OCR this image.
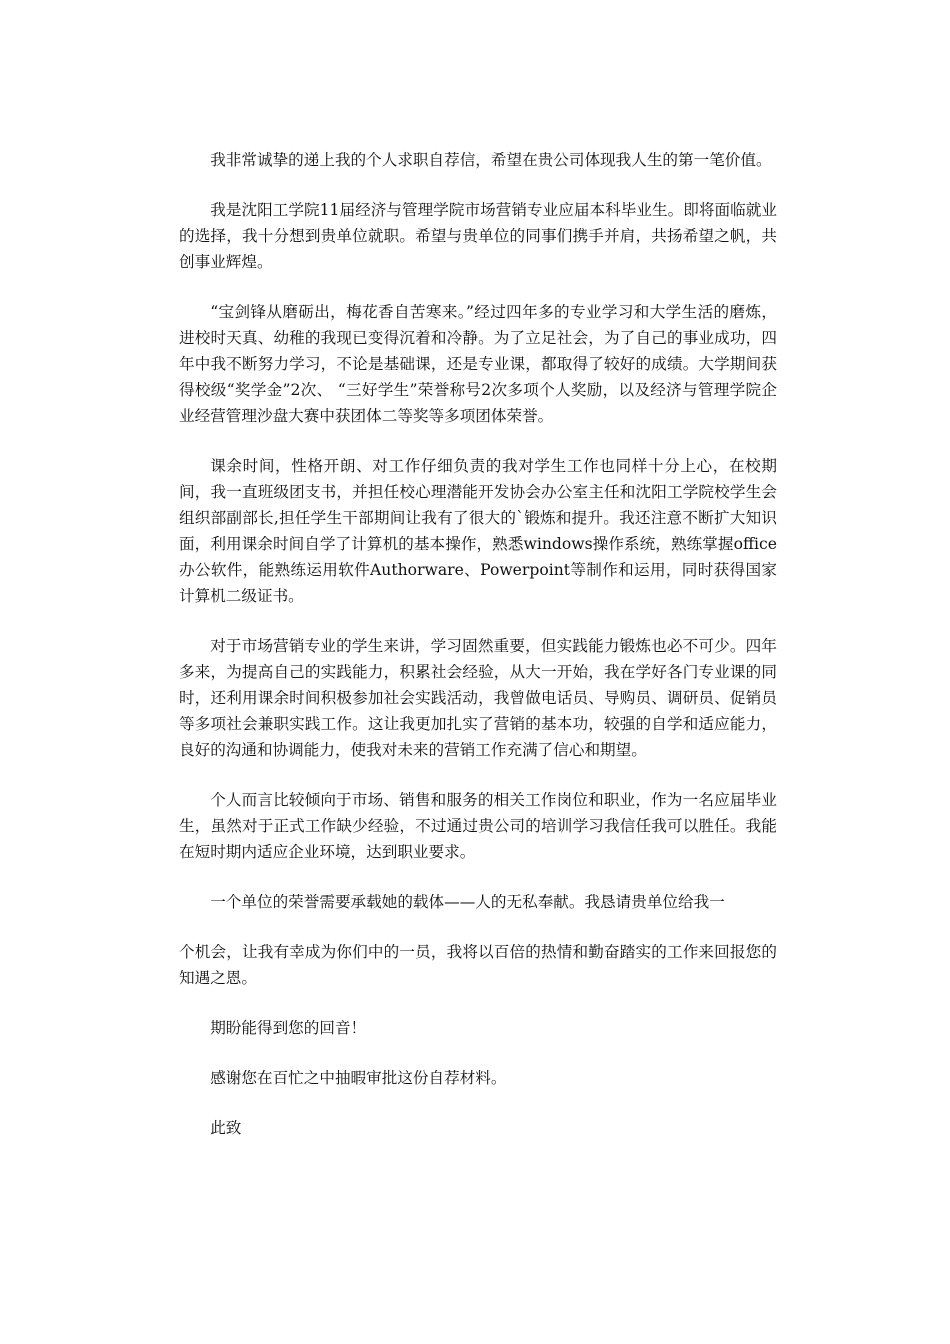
我非常诚挚的递上我的个人求职自荐信，希望在贵公司体现我人生的第一笔价值。

我是沈阳工学院11届经济与管理学院市场营销专业应届本科毕业生。即将面临就业的选择，我十分想到贵单位就职。希望与贵单位的同事们携手并肩，共扬希望之帆，共创事业辉煌。

“宝剑锋从磨砺出，梅花香自苦寒来。”经过四年多的专业学习和大学生活的磨炼，进校时天真、幼稚的我现已变得沉着和冷静。为了立足社会，为了自己的事业成功，四年中我不断努力学习，不论是基础课，还是专业课，都取得了较好的成绩。大学期间获得校级“奖学金”2次、 “三好学生”荣誉称号2次多项个人奖励，以及经济与管理学院企业经营管理沙盘大赛中获团体二等奖等多项团体荣誉。

课余时间，性格开朗、对工作仔细负责的我对学生工作也同样十分上心，在校期间，我一直班级团支书，并担任校心理潜能开发协会办公室主任和沈阳工学院校学生会组织部副部长,担任学生干部期间让我有了很大的`锻炼和提升。我还注意不断扩大知识面，利用课余时间自学了计算机的基本操作，熟悉windows操作系统，熟练掌握office办公软件，能熟练运用软件Authorware、Powerpoint等制作和运用，同时获得国家计算机二级证书。

对于市场营销专业的学生来讲，学习固然重要，但实践能力锻炼也必不可少。四年多来，为提高自己的实践能力，积累社会经验，从大一开始，我在学好各门专业课的同时，还利用课余时间积极参加社会实践活动，我曾做电话员、导购员、调研员、促销员等多项社会兼职实践工作。这让我更加扎实了营销的基本功，较强的自学和适应能力，良好的沟通和协调能力，使我对未来的营销工作充满了信心和期望。

个人而言比较倾向于市场、销售和服务的相关工作岗位和职业，作为一名应届毕业生，虽然对于正式工作缺少经验，不过通过贵公司的培训学习我信任我可以胜任。我能在短时期内适应企业环境，达到职业要求。

一个单位的荣誉需要承载她的载体——人的无私奉献。我恳请贵单位给我一

个机会，让我有幸成为你们中的一员，我将以百倍的热情和勤奋踏实的工作来回报您的知遇之恩。

期盼能得到您的回音！

感谢您在百忙之中抽暇审批这份自荐材料。

此致
